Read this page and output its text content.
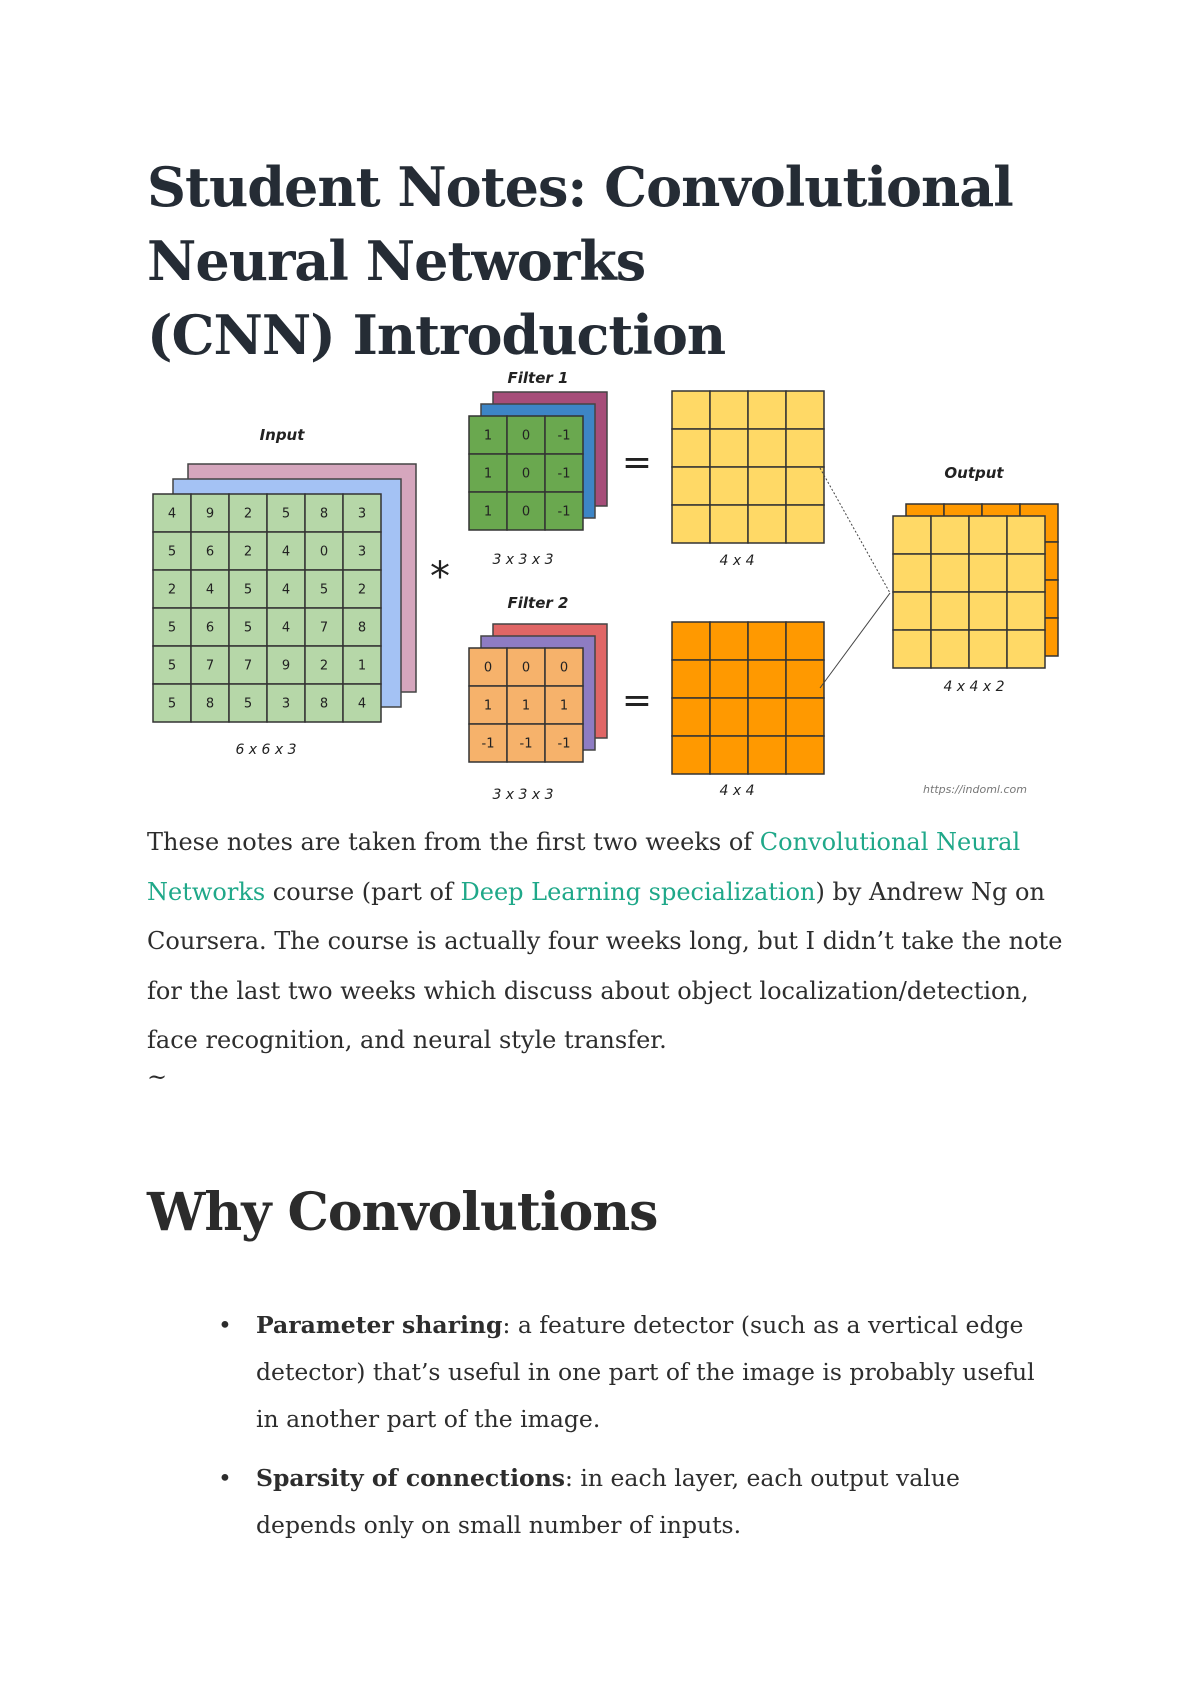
Student Notes: Convolutional
Neural Networks
(CNN) Introduction
Input
4 9 2 5 8 3
5 6 2 4 0 3
2 4 5 4 5 2
5 6 5 4 7 8
5 7 7 9 2 1
5 8 5 3 8 4
6 x 6 x 3
*
Filter 1
1 0 -1
1 0 -1
1 0 -1
3 x 3 x 3
Filter 2
0 0 0
1 1 1
-1 -1 -1
3 x 3 x 3
=
=
4 x 4
4 x 4
Output
4 x 4 x 2
https://indoml.com

These notes are taken from the first two weeks of Convolutional Neural Networks course (part of Deep Learning specialization) by Andrew Ng on Coursera. The course is actually four weeks long, but I didn’t take the note for the last two weeks which discuss about object localization/detection, face recognition, and neural style transfer.

~

Why Convolutions
• Parameter sharing: a feature detector (such as a vertical edge detector) that’s useful in one part of the image is probably useful in another part of the image.
• Sparsity of connections: in each layer, each output value depends only on small number of inputs.
